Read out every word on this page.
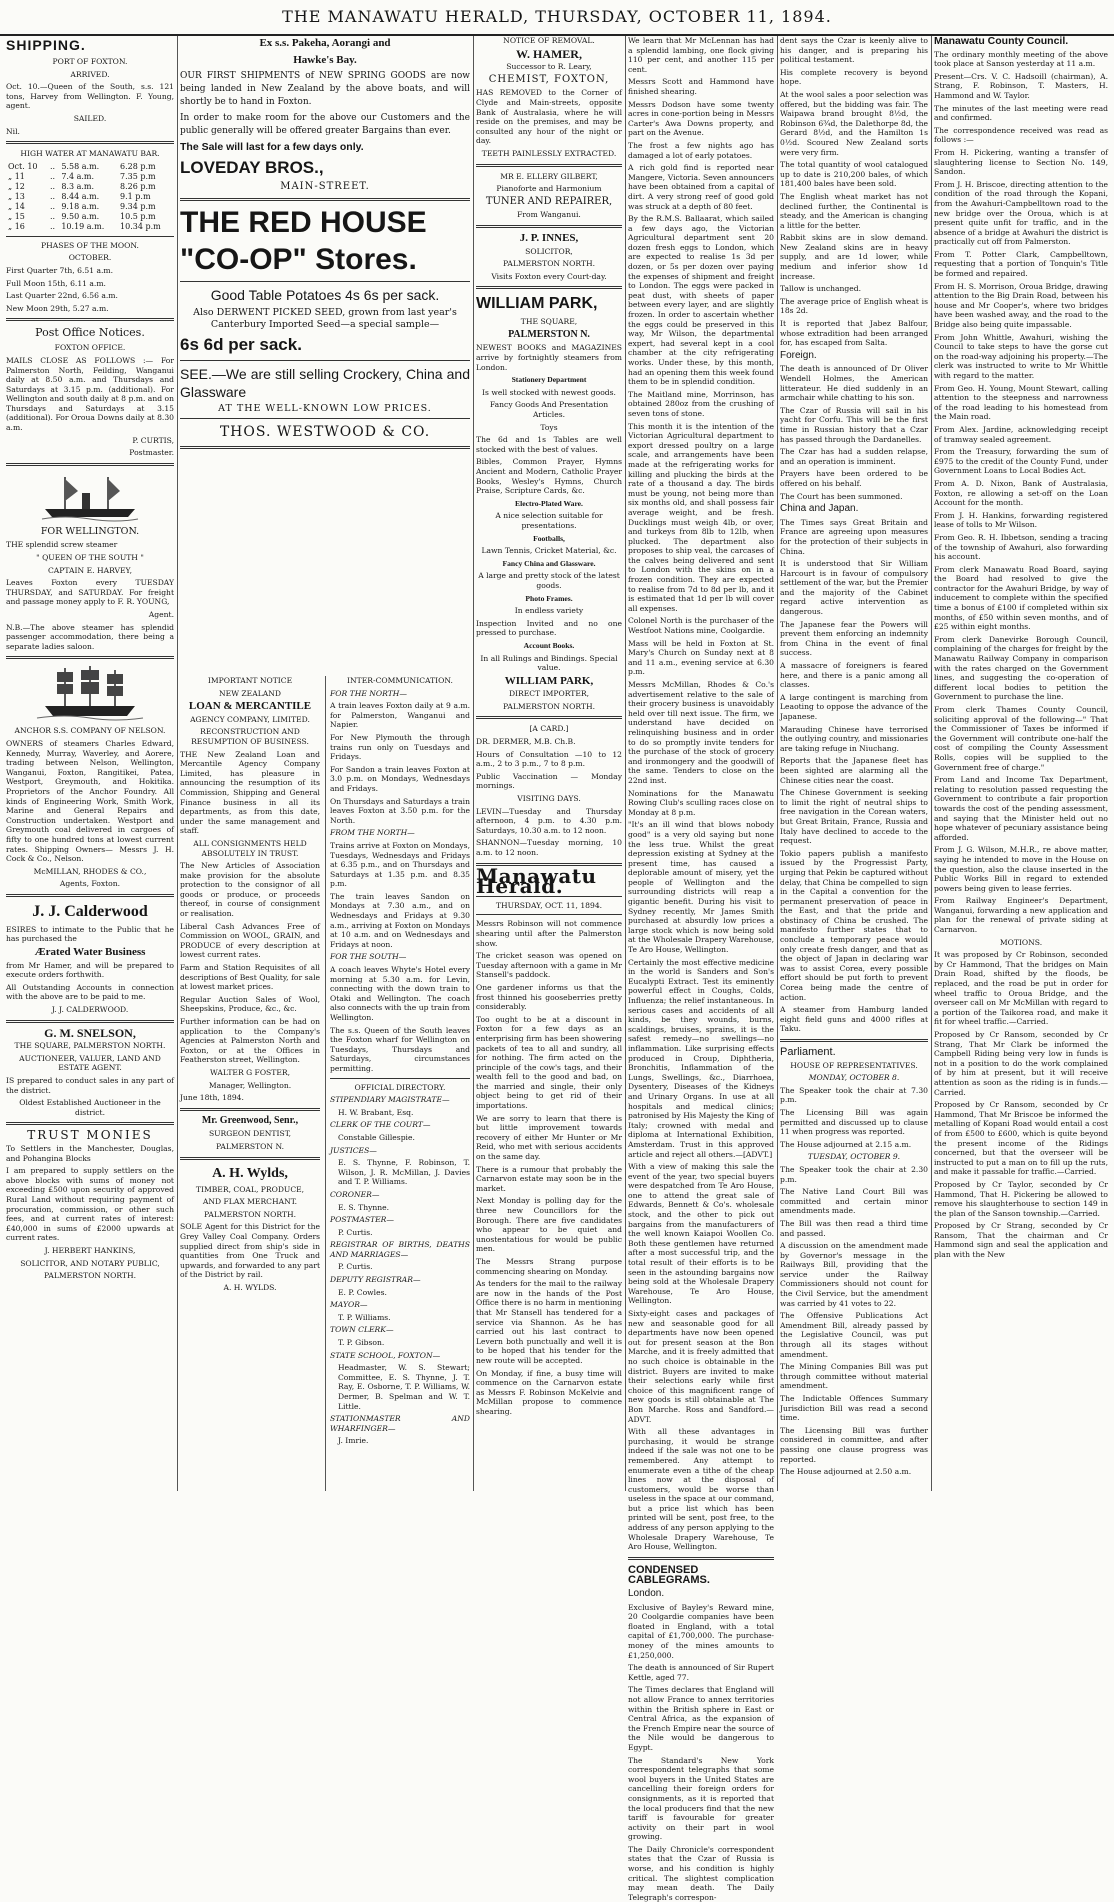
THE MANAWATU HERALD, THURSDAY, OCTOBER 11, 1894.

SHIPPING.

PORT OF FOXTON.

ARRIVED.

Oct. 10.—Queen of the South, s.s. 121 tons, Harvey from Wellington. F. Young, agent.

SAILED.

Nil.

HIGH WATER AT MANAWATU BAR.

Oct. 10	..	5.58 a.m.	6.28 p.m
„ 11	..	7.4 a.m.	7.35 p.m
„ 12	..	8.3 a.m.	8.26 p.m
„ 13	..	8.44 a.m.	9.1 p.m
„ 14	..	9.18 a.m.	9.34 p.m
„ 15	..	9.50 a.m.	10.5 p.m
„ 16	..	10.19 a.m.	10.34 p.m

PHASES OF THE MOON.

OCTOBER.

First Quarter 7th, 6.51 a.m.

Full Moon 15th, 6.11 a.m.

Last Quarter 22nd, 6.56 a.m.

New Moon 29th, 5.27 a.m.

Post Office Notices.

FOXTON OFFICE.

MAILS CLOSE AS FOLLOWS :— For Palmerston North, Feilding, Wanganui daily at 8.50 a.m. and Thursdays and Saturdays at 3.15 p.m. (additional). For Wellington and south daily at 8 p.m. and on Thursdays and Saturdays at 3.15 (additional). For Oroua Downs daily at 8.30 a.m.

P. CURTIS,

Postmaster.

FOR WELLINGTON.

THE splendid screw steamer

" QUEEN OF THE SOUTH "

CAPTAIN E. HARVEY,

Leaves Foxton every TUESDAY THURSDAY, and SATURDAY. For freight and passage money apply to F. R. YOUNG,

Agent.

N.B.—The above steamer has splendid passenger accommodation, there being a separate ladies saloon.

ANCHOR S.S. COMPANY OF NELSON.

OWNERS of steamers Charles Edward, Kennedy, Murray, Waverley, and Aorere, trading between Nelson, Wellington, Wanganui, Foxton, Rangitikei, Patea, Westport, Greymouth, and Hokitika. Proprietors of the Anchor Foundry. All kinds of Engineering Work, Smith Work, Marine and General Repairs and Construction undertaken. Westport and Greymouth coal delivered in cargoes of fifty to one hundred tons at lowest current rates. Shipping Owners— Messrs J. H. Cock & Co., Nelson.

McMILLAN, RHODES & CO.,

Agents, Foxton.

J. J. Calderwood

ESIRES to intimate to the Public that he has purchased the

Ærated Water Business

from Mr Hamer, and will be prepared to execute orders forthwith.

All Outstanding Accounts in connection with the above are to be paid to me.

J. J. CALDERWOOD.

G. M. SNELSON,

THE SQUARE, PALMERSTON NORTH.

AUCTIONEER, VALUER, LAND AND ESTATE AGENT.

IS prepared to conduct sales in any part of the district.

Oldest Established Auctioneer in the district.

TRUST MONIES

To Settlers in the Manchester, Douglas, and Pohangina Blocks

I am prepared to supply settlers on the above blocks with sums of money not exceeding £500 upon security of approved Rural Land without requiring payment of procuration, commission, or other such fees, and at current rates of interest: £40,000 in sums of £2000 upwards at current rates.

J. HERBERT HANKINS,

SOLICITOR, AND NOTARY PUBLIC,

PALMERSTON NORTH.

Ex s.s. Pakeha, Aorangi and

Hawke's Bay.

OUR FIRST SHIPMENTS of NEW SPRING GOODS are now being landed in New Zealand by the above boats, and will shortly be to hand in Foxton.

In order to make room for the above our Customers and the public generally will be offered greater Bargains than ever.

The Sale will last for a few days only.

LOVEDAY BROS.,

MAIN-STREET.

THE RED HOUSE

"CO-OP" Stores.

Good Table Potatoes 4s 6s per sack.

Also DERWENT PICKED SEED, grown from last year's Canterbury Imported Seed—a special sample—

6s 6d per sack.

SEE.—We are still selling Crockery, China and Glassware

AT THE WELL-KNOWN LOW PRICES.

THOS. WESTWOOD & CO.

IMPORTANT NOTICE

NEW ZEALAND

LOAN & MERCANTILE

AGENCY COMPANY, LIMITED.

RECONSTRUCTION AND RESUMPTION OF BUSINESS.

THE New Zealand Loan and Mercantile Agency Company Limited, has pleasure in announcing the resumption of its Commission, Shipping and General Finance business in all its departments, as from this date, under the same management and staff.

ALL CONSIGNMENTS HELD ABSOLUTELY IN TRUST.

The New Articles of Association make provision for the absolute protection to the consignor of all goods or produce, or proceeds thereof, in course of consignment or realisation.

Liberal Cash Advances Free of Commission on WOOL, GRAIN, and PRODUCE of every description at lowest current rates.

Farm and Station Requisites of all descriptions of Best Quality, for sale at lowest market prices.

Regular Auction Sales of Wool, Sheepskins, Produce, &c., &c.

Further information can be had on application to the Company's Agencies at Palmerston North and Foxton, or at the Offices in Featherston street, Wellington.

WALTER G FOSTER,

Manager, Wellington.

June 18th, 1894.

Mr. Greenwood, Senr.,

SURGEON DENTIST,

PALMERSTON N.

A. H. Wylds,

TIMBER, COAL, PRODUCE,

AND FLAX MERCHANT.

PALMERSTON NORTH.

SOLE Agent for this District for the Grey Valley Coal Company. Orders supplied direct from ship's side in quantities from One Truck and upwards, and forwarded to any part of the District by rail.

A. H. WYLDS.

INTER-COMMUNICATION.

FOR THE NORTH—

A train leaves Foxton daily at 9 a.m. for Palmerston, Wanganui and Napier.

For New Plymouth the through trains run only on Tuesdays and Fridays.

For Sandon a train leaves Foxton at 3.0 p.m. on Mondays, Wednesdays and Fridays.

On Thursdays and Saturdays a train leaves Foxton at 3.50 p.m. for the North.

FROM THE NORTH—

Trains arrive at Foxton on Mondays, Tuesdays, Wednesdays and Fridays at 6.35 p.m., and on Thursdays and Saturdays at 1.35 p.m. and 8.35 p.m.

The train leaves Sandon on Mondays at 7.30 a.m., and on Wednesdays and Fridays at 9.30 a.m., arriving at Foxton on Mondays at 10 a.m. and on Wednesdays and Fridays at noon.

FOR THE SOUTH—

A coach leaves Whyte's Hotel every morning at 5.30 a.m. for Levin, connecting with the down train to Otaki and Wellington. The coach also connects with the up train from Wellington.

The s.s. Queen of the South leaves the Foxton wharf for Wellington on Tuesdays, Thursdays and Saturdays, circumstances permitting.

OFFICIAL DIRECTORY.

STIPENDIARY MAGISTRATE—

H. W. Brabant, Esq.

CLERK OF THE COURT—

Constable Gillespie.

JUSTICES—

E. S. Thynne, F. Robinson, T. Wilson, J. R. McMillan, J. Davies and T. P. Williams.

CORONER—

E. S. Thynne.

POSTMASTER—

P. Curtis.

REGISTRAR OF BIRTHS, DEATHS AND MARRIAGES—

P. Curtis.

DEPUTY REGISTRAR—

E. P. Cowles.

MAYOR—

T. P. Williams.

TOWN CLERK—

T. P. Gibson.

STATE SCHOOL, FOXTON—

Headmaster, W. S. Stewart; Committee, E. S. Thynne, J. T. Ray, E. Osborne, T. P. Williams, W. Dermer, B. Spelman and W. T. Little.

STATIONMASTER AND WHARFINGER—

J. Imrie.

NOTICE OF REMOVAL.

W. HAMER,

Successor to R. Leary,

CHEMIST, FOXTON,

HAS REMOVED to the Corner of Clyde and Main-streets, opposite Bank of Australasia, where he will reside on the premises, and may be consulted any hour of the night or day.

TEETH PAINLESSLY EXTRACTED.

MR E. ELLERY GILBERT,

Pianoforte and Harmonium

TUNER AND REPAIRER,

From Wanganui.

J. P. INNES,

SOLICITOR,

PALMERSTON NORTH.

Visits Foxton every Court-day.

WILLIAM PARK,

THE SQUARE,

PALMERSTON N.

NEWEST BOOKS and MAGAZINES arrive by fortnightly steamers from London.

Stationery Department

Is well stocked with newest goods.

Fancy Goods And Presentation Articles.

Toys

The 6d and 1s Tables are well stocked with the best of values.

Bibles, Common Prayer, Hymns Ancient and Modern, Catholic Prayer Books, Wesley's Hymns, Church Praise, Scripture Cards, &c.

Electro-Plated Ware.

A nice selection suitable for presentations.

Footballs,

Lawn Tennis, Cricket Material, &c.

Fancy China and Glassware.

A large and pretty stock of the latest goods.

Photo Frames.

In endless variety

Inspection Invited and no one pressed to purchase.

Account Books.

In all Rulings and Bindings. Special value.

WILLIAM PARK,

DIRECT IMPORTER,

PALMERSTON NORTH.

[A CARD.]

DR. DERMER, M.B. Ch.B.

Hours of Consultation —10 to 12 a.m., 2 to 3 p.m., 7 to 8 p.m.

Public Vaccination — Monday mornings.

VISITING DAYS.

LEVIN—Tuesday and Thursday afternoon, 4 p.m. to 4.30 p.m. Saturdays, 10.30 a.m. to 12 noon.

SHANNON—Tuesday morning, 10 a.m. to 12 noon.

Manawatu Herald.

THURSDAY, OCT. 11, 1894.

Messrs Robinson will not commence shearing until after the Palmerston show.

The cricket season was opened on Tuesday afternoon with a game in Mr Stansell's paddock.

One gardener informs us that the frost thinned his gooseberries pretty considerably.

Too ought to be at a discount in Foxton for a few days as an enterprising firm has been showering packets of tea to all and sundry, all for nothing. The firm acted on the principle of the cow's tags, and their wealth fell to the good and bad, on the married and single, their only object being to get rid of their importations.

We are sorry to learn that there is but little improvement towards recovery of either Mr Hunter or Mr Reid, who met with serious accidents on the same day.

There is a rumour that probably the Carnarvon estate may soon be in the market.

Next Monday is polling day for the three new Councillors for the Borough. There are five candidates who appear to be quiet and unostentatious for would be public men.

The Messrs Strang purpose commencing shearing on Monday.

As tenders for the mail to the railway are now in the hands of the Post Office there is no harm in mentioning that Mr Stansell has tendered for a service via Shannon. As he has carried out his last contract to Levern both punctually and well it is to be hoped that his tender for the new route will be accepted.

On Monday, if fine, a busy time will commence on the Carnarvon estate as Messrs F. Robinson McKelvie and McMillan propose to commence shearing.

We learn that Mr McLennan has had a splendid lambing, one flock giving 110 per cent, and another 115 per cent.

Messrs Scott and Hammond have finished shearing.

Messrs Dodson have some twenty acres in cone-portion being in Messrs Carter's Awa Downs property, and part on the Avenue.

The frost a few nights ago has damaged a lot of early potatoes.

A rich gold find is reported near Mangere, Victoria. Seven announcers have been obtained from a capital of dirt. A very strong reef of good gold was struck at a depth of 80 feet.

By the R.M.S. Ballaarat, which sailed a few days ago, the Victorian Agricultural department sent 20 dozen fresh eggs to London, which are expected to realise 1s 3d per dozen, or 5s per dozen over paying the expenses of shipment and freight to London. The eggs were packed in peat dust, with sheets of paper between every layer, and are slightly frozen. In order to ascertain whether the eggs could be preserved in this way, Mr Wilson, the departmental expert, had several kept in a cool chamber at the city refrigerating works. Under these, by this month, had an opening them this week found them to be in splendid condition.

The Maitland mine, Morrinson, has obtained 280oz from the crushing of seven tons of stone.

This month it is the intention of the Victorian Agricultural department to export dressed poultry on a large scale, and arrangements have been made at the refrigerating works for killing and plucking the birds at the rate of a thousand a day. The birds must be young, not being more than six months old, and shall possess fair average weight, and be fresh. Ducklings must weigh 4lb, or over, and turkeys from 8lb to 12lb, when plucked. The department also proposes to ship veal, the carcases of the calves being delivered and sent to London with the skins on in a frozen condition. They are expected to realise from 7d to 8d per lb, and it is estimated that 1d per lb will cover all expenses.

Colonel North is the purchaser of the Westfoot Nations mine, Coolgardie.

Mass will be held in Foxton at St. Mary's Church on Sunday next at 8 and 11 a.m., evening service at 6.30 p.m.

Messrs McMillan, Rhodes & Co.'s advertisement relative to the sale of their grocery business is unavoidably held over till next issue. The firm, we understand have decided on relinquishing business and in order to do so promptly invite tenders for the purchase of the stock of grocery and ironmongery and the goodwill of the same. Tenders to close on the 22nd inst.

Nominations for the Manawatu Rowing Club's sculling races close on Monday at 8 p.m.

"It's an ill wind that blows nobody good" is a very old saying but none the less true. Whilst the great depression existing at Sydney at the present time, has caused a deplorable amount of misery, yet the people of Wellington and the surrounding districts will reap a gigantic benefit. During his visit to Sydney recently, Mr James Smith purchased at absurdly low prices a large stock which is now being sold at the Wholesale Drapery Warehouse, Te Aro House, Wellington.

Certainly the most effective medicine in the world is Sanders and Son's Eucalypti Extract. Test its eminently powerful effect in Coughs, Colds, Influenza; the relief instantaneous. In serious cases and accidents of all kinds, be they wounds, burns, scaldings, bruises, sprains, it is the safest remedy—no swellings—no inflammation. Like surprising effects produced in Croup, Diphtheria, Bronchitis, Inflammation of the Lungs, Swellings, &c., Diarrhoea, Dysentery, Diseases of the Kidneys and Urinary Organs. In use at all hospitals and medical clinics; patronised by His Majesty the King of Italy; crowned with medal and diploma at International Exhibition, Amsterdam. Trust in this approved article and reject all others.—[ADVT.]

With a view of making this sale the event of the year, two special buyers were despatched from Te Aro House, one to attend the great sale of Edwards, Bennett & Co's. wholesale stock, and the other to pick out bargains from the manufacturers of the well known Kaiapoi Woollen Co. Both these gentlemen have returned after a most successful trip, and the total result of their efforts is to be seen in the astounding bargains now being sold at the Wholesale Drapery Warehouse, Te Aro House, Wellington.

Sixty-eight cases and packages of new and seasonable good for all departments have now been opened out for present season at the Bon Marche, and it is freely admitted that no such choice is obtainable in the district. Buyers are invited to make their selections early while first choice of this magnificent range of new goods is still obtainable at The Bon Marche. Ross and Sandford.—ADVT.

With all these advantages in purchasing, it would be strange indeed if the sale was not one to be remembered. Any attempt to enumerate even a tithe of the cheap lines now at the disposal of customers, would be worse than useless in the space at our command, but a price list which has been printed will be sent, post free, to the address of any person applying to the Wholesale Drapery Warehouse, Te Aro House, Wellington.

CONDENSED CABLEGRAMS.

London.

Exclusive of Bayley's Reward mine, 20 Coolgardie companies have been floated in England, with a total capital of £1,700,000. The purchase-money of the mines amounts to £1,250,000.

The death is announced of Sir Rupert Kettle, aged 77.

The Times declares that England will not allow France to annex territories within the British sphere in East or Central Africa, as the expansion of the French Empire near the source of the Nile would be dangerous to Egypt.

The Standard's New York correspondent telegraphs that some wool buyers in the United States are cancelling their foreign orders for consignments, as it is reported that the local producers find that the new tariff is favourable for greater activity on their part in wool growing.

The Daily Chronicle's correspondent states that the Czar of Russia is worse, and his condition is highly critical. The slightest complication may mean death. The Daily Telegraph's correspon-

dent says the Czar is keenly alive to his danger, and is preparing his political testament.

His complete recovery is beyond hope.

At the wool sales a poor selection was offered, but the bidding was fair. The Waipawa brand brought 8½d, the Robinson 6¾d, the Dalethorpe 8d, the Gerard 8½d, and the Hamilton 1s 0½d. Scoured New Zealand sorts were very firm.

The total quantity of wool catalogued up to date is 210,200 bales, of which 181,400 bales have been sold.

The English wheat market has not declined further, the Continental is steady, and the American is changing a little for the better.

Rabbit skins are in slow demand. New Zealand skins are in heavy supply, and are 1d lower, while medium and inferior show 1d increase.

Tallow is unchanged.

The average price of English wheat is 18s 2d.

It is reported that Jabez Balfour, whose extradition had been arranged for, has escaped from Salta.

Foreign.

The death is announced of Dr Oliver Wendell Holmes, the American litterateur. He died suddenly in an armchair while chatting to his son.

The Czar of Russia will sail in his yacht for Corfu. This will be the first time in Russian history that a Czar has passed through the Dardanelles.

The Czar has had a sudden relapse, and an operation is imminent.

Prayers have been ordered to be offered on his behalf.

The Court has been summoned.

China and Japan.

The Times says Great Britain and France are agreeing upon measures for the protection of their subjects in China.

It is understood that Sir William Harcourt is in favour of compulsory settlement of the war, but the Premier and the majority of the Cabinet regard active intervention as dangerous.

The Japanese fear the Powers will prevent them enforcing an indemnity from China in the event of final success.

A massacre of foreigners is feared here, and there is a panic among all classes.

A large contingent is marching from Leaoting to oppose the advance of the Japanese.

Marauding Chinese have terrorised the outlying country, and missionaries are taking refuge in Niuchang.

Reports that the Japanese fleet has been sighted are alarming all the Chinese cities near the coast.

The Chinese Government is seeking to limit the right of neutral ships to free navigation in the Corean waters, but Great Britain, France, Russia and Italy have declined to accede to the request.

Tokio papers publish a manifesto issued by the Progressist Party, urging that Pekin be captured without delay, that China be compelled to sign in the Capital a convention for the permanent preservation of peace in the East, and that the pride and obstinacy of China be crushed. The manifesto further states that to conclude a temporary peace would only create fresh danger, and that as the object of Japan in declaring war was to assist Corea, every possible effort should be put forth to prevent Corea being made the centre of action.

A steamer from Hamburg landed eight field guns and 4000 rifles at Taku.

Parliament.

HOUSE OF REPRESENTATIVES.

MONDAY, OCTOBER 8.

The Speaker took the chair at 7.30 p.m.

The Licensing Bill was again permitted and discussed up to clause 11 when progress was reported.

The House adjourned at 2.15 a.m.

TUESDAY, OCTOBER 9.

The Speaker took the chair at 2.30 p.m.

The Native Land Court Bill was committed and certain minor amendments made.

The Bill was then read a third time and passed.

A discussion on the amendment made by Governor's message in the Railways Bill, providing that the service under the Railway Commissioners should not count for the Civil Service, but the amendment was carried by 41 votes to 22.

The Offensive Publications Act Amendment Bill, already passed by the Legislative Council, was put through all its stages without amendment.

The Mining Companies Bill was put through committee without material amendment.

The Indictable Offences Summary Jurisdiction Bill was read a second time.

The Licensing Bill was further considered in committee, and after passing one clause progress was reported.

The House adjourned at 2.50 a.m.

Manawatu County Council.

The ordinary monthly meeting of the above took place at Sanson yesterday at 11 a.m.

Present—Crs. V. C. Hadsoill (chairman), A. Strang, F. Robinson, T. Masters, H. Hammond and W. Taylor.

The minutes of the last meeting were read and confirmed.

The correspondence received was read as follows :—

From H. Pickering, wanting a transfer of slaughtering license to Section No. 149, Sandon.

From J. H. Briscoe, directing attention to the condition of the road through the Kopani, from the Awahuri-Campbelltown road to the new bridge over the Oroua, which is at present quite unfit for traffic, and in the absence of a bridge at Awahuri the district is practically cut off from Palmerston.

From T. Potter Clark, Campbelltown, requesting that a portion of Tonquin's Title be formed and repaired.

From H. S. Morrison, Oroua Bridge, drawing attention to the Big Drain Road, between his house and Mr Cooper's, where two bridges have been washed away, and the road to the Bridge also being quite impassable.

From John Whittle, Awahuri, wishing the Council to take steps to have the gorse cut on the road-way adjoining his property.—The clerk was instructed to write to Mr Whittle with regard to the matter.

From Geo. H. Young, Mount Stewart, calling attention to the steepness and narrowness of the road leading to his homestead from the Main road.

From Alex. Jardine, acknowledging receipt of tramway sealed agreement.

From the Treasury, forwarding the sum of £975 to the credit of the County Fund, under Government Loans to Local Bodies Act.

From A. D. Nixon, Bank of Australasia, Foxton, re allowing a set-off on the Loan Account for the month.

From J. H. Hankins, forwarding registered lease of tolls to Mr Wilson.

From Geo. R. H. Ibbetson, sending a tracing of the township of Awahuri, also forwarding his account.

From clerk Manawatu Road Board, saying the Board had resolved to give the contractor for the Awahuri Bridge, by way of inducement to complete within the specified time a bonus of £100 if completed within six months, of £50 within seven months, and of £25 within eight months.

From clerk Danevirke Borough Council, complaining of the charges for freight by the Manawatu Railway Company in comparison with the rates charged on the Government lines, and suggesting the co-operation of different local bodies to petition the Government to purchase the line.

From clerk Thames County Council, soliciting approval of the following—" That the Commissioner of Taxes be informed if the Government will contribute one-half the cost of compiling the County Assessment Rolls, copies will be supplied to the Government free of charge."

From Land and Income Tax Department, relating to resolution passed requesting the Government to contribute a fair proportion towards the cost of the pending assessment, and saying that the Minister held out no hope whatever of pecuniary assistance being afforded.

From J. G. Wilson, M.H.R., re above matter, saying he intended to move in the House on the question, also the clause inserted in the Public Works Bill in regard to extended powers being given to lease ferries.

From Railway Engineer's Department, Wanganui, forwarding a new application and plan for the renewal of private siding at Carnarvon.

MOTIONS.

It was proposed by Cr Robinson, seconded by Cr Hammond, That the bridges on Main Drain Road, shifted by the floods, be replaced, and the road be put in order for wheel traffic to Oroua Bridge, and the overseer call on Mr McMillan with regard to a portion of the Taikorea road, and make it fit for wheel traffic.—Carried.

Proposed by Cr Ransom, seconded by Cr Strang, That Mr Clark be informed the Campbell Riding being very low in funds is not in a position to do the work complained of by him at present, but it will receive attention as soon as the riding is in funds.—Carried.

Proposed by Cr Ransom, seconded by Cr Hammond, That Mr Briscoe be informed the metalling of Kopani Road would entail a cost of from £500 to £600, which is quite beyond the present income of the Ridings concerned, but that the overseer will be instructed to put a man on to fill up the ruts, and make it passable for traffic.—Carried.

Proposed by Cr Taylor, seconded by Cr Hammond, That H. Pickering be allowed to remove his slaughterhouse to section 149 in the plan of the Sanson township.—Carried.

Proposed by Cr Strang, seconded by Cr Ransom, That the chairman and Cr Hammond sign and seal the application and plan with the New
